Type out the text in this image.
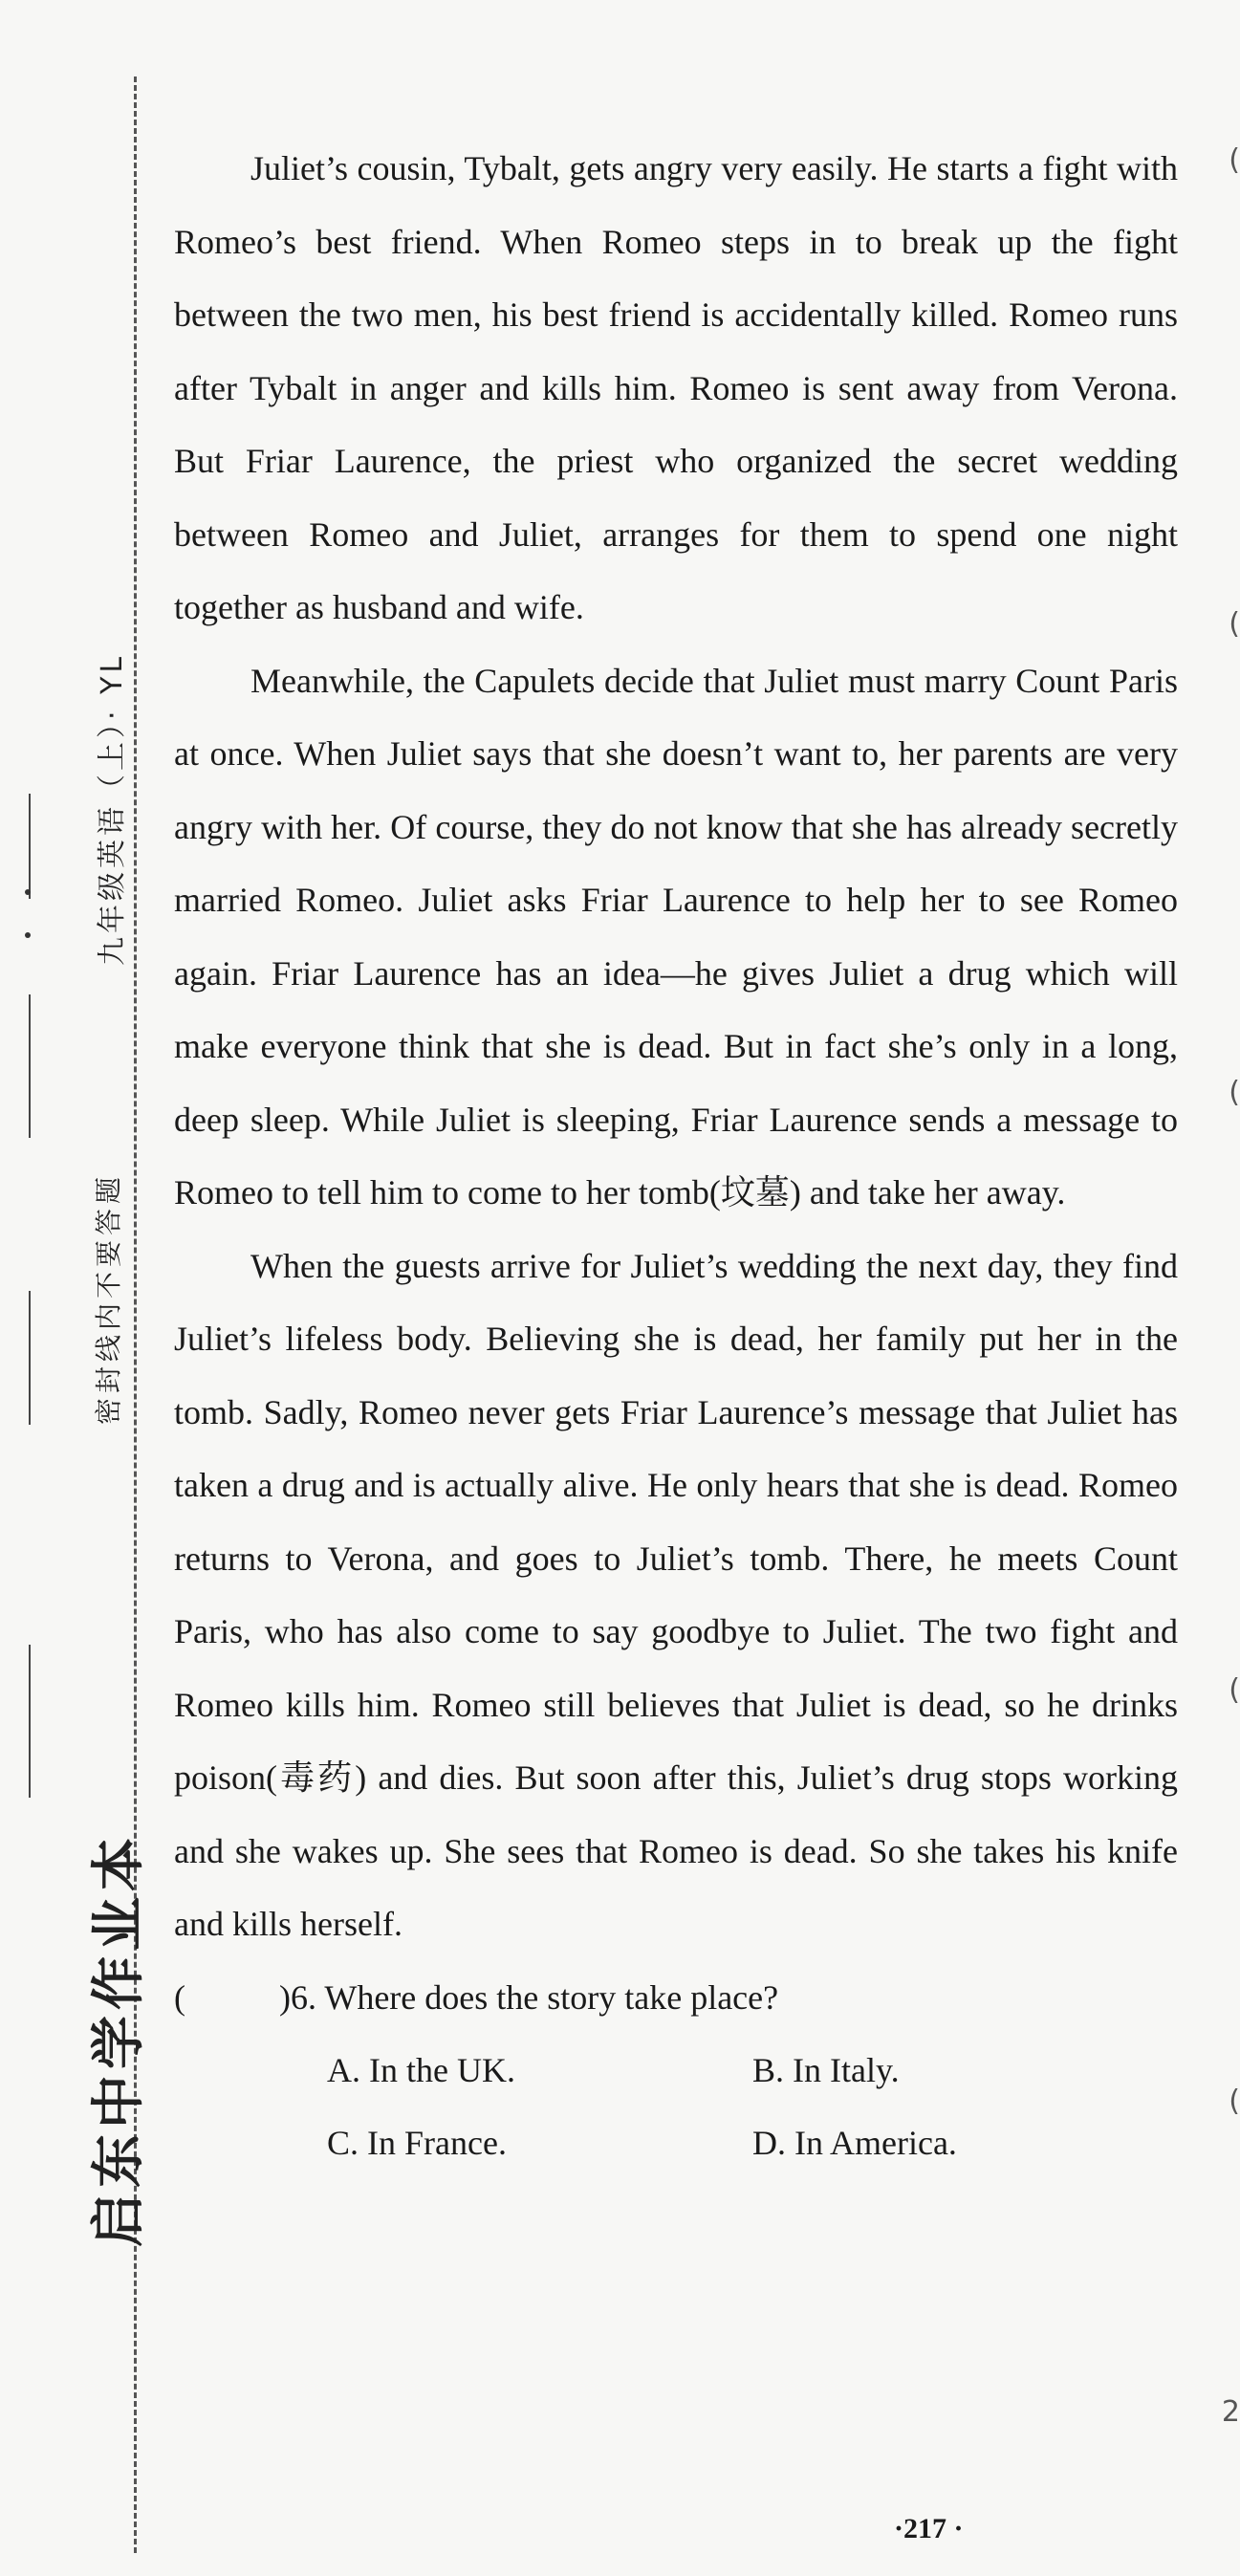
九年级英语（上）· YL
密封线内不要答题
启东中学作业本
(
(
(
(
(
2

Juliet’s cousin, Tybalt, gets angry very easily. He starts a fight with Romeo’s best friend. When Romeo steps in to break up the fight between the two men, his best friend is accidentally killed. Romeo runs after Tybalt in anger and kills him. Romeo is sent away from Verona. But Friar Laurence, the priest who organized the secret wedding between Romeo and Juliet, arranges for them to spend one night together as husband and wife.

Meanwhile, the Capulets decide that Juliet must marry Count Paris at once. When Juliet says that she doesn’t want to, her parents are very angry with her. Of course, they do not know that she has already secretly married Romeo. Juliet asks Friar Laurence to help her to see Romeo again. Friar Laurence has an idea—he gives Juliet a drug which will make everyone think that she is dead. But in fact she’s only in a long, deep sleep. While Juliet is sleeping, Friar Laurence sends a message to Romeo to tell him to come to her tomb(坟墓) and take her away.

When the guests arrive for Juliet’s wedding the next day, they find Juliet’s lifeless body. Believing she is dead, her family put her in the tomb. Sadly, Romeo never gets Friar Laurence’s message that Juliet has taken a drug and is actually alive. He only hears that she is dead. Romeo returns to Verona, and goes to Juliet’s tomb. There, he meets Count Paris, who has also come to say goodbye to Juliet. The two fight and Romeo kills him. Romeo still believes that Juliet is dead, so he drinks poison(毒药) and dies. But soon after this, Juliet’s drug stops working and she wakes up. She sees that Romeo is dead. So she takes his knife and kills herself.

(	)6. Where does the story take place?
A. In the UK.	B. In Italy.
C. In France.	D. In America.
·217 ·
